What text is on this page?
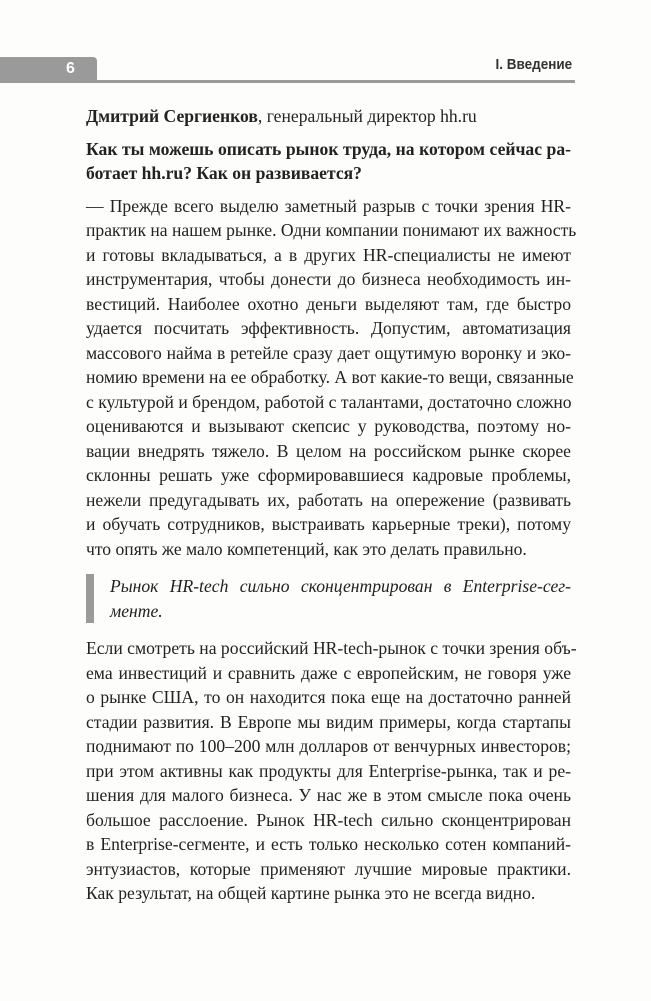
6	I. Введение
Дмитрий Сергиенков, генеральный директор hh.ru
Как ты можешь описать рынок труда, на котором сейчас ра-
ботает hh.ru? Как он развивается?
— Прежде всего выделю заметный разрыв с точки зрения HR-
практик на нашем рынке. Одни компании понимают их важность
и готовы вкладываться, а в других HR-специалисты не имеют
инструментария, чтобы донести до бизнеса необходимость ин-
вестиций. Наиболее охотно деньги выделяют там, где быстро
удается посчитать эффективность. Допустим, автоматизация
массового найма в ретейле сразу дает ощутимую воронку и эко-
номию времени на ее обработку. А вот какие-то вещи, связанные
с культурой и брендом, работой с талантами, достаточно сложно
оцениваются и вызывают скепсис у руководства, поэтому но-
вации внедрять тяжело. В целом на российском рынке скорее
склонны решать уже сформировавшиеся кадровые проблемы,
нежели предугадывать их, работать на опережение (развивать
и обучать сотрудников, выстраивать карьерные треки), потому
что опять же мало компетенций, как это делать правильно.
Рынок HR-tech сильно сконцентрирован в Enterprise-сег-
менте.
Если смотреть на российский HR-tech-рынок с точки зрения объ-
ема инвестиций и сравнить даже с европейским, не говоря уже
о рынке США, то он находится пока еще на достаточно ранней
стадии развития. В Европе мы видим примеры, когда стартапы
поднимают по 100–200 млн долларов от венчурных инвесторов;
при этом активны как продукты для Enterprise-рынка, так и ре-
шения для малого бизнеса. У нас же в этом смысле пока очень
большое расслоение. Рынок HR-tech сильно сконцентрирован
в Enterprise-сегменте, и есть только несколько сотен компаний-
энтузиастов, которые применяют лучшие мировые практики.
Как результат, на общей картине рынка это не всегда видно.
